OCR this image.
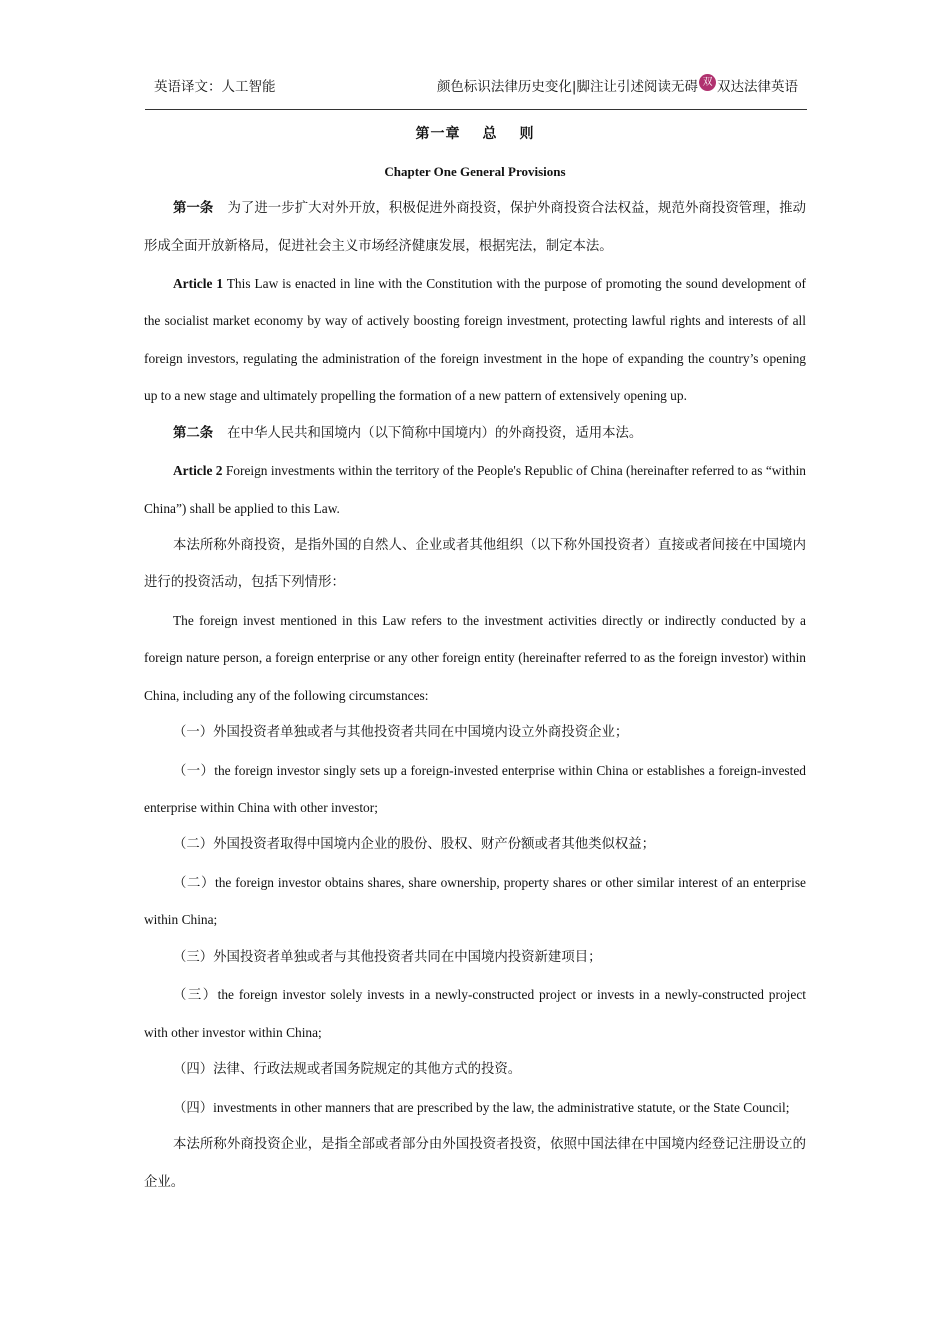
英语译文：人工智能	颜色标识法律历史变化|脚注让引述阅读无碍 双 双达法律英语
第一章 总 则
Chapter One General Provisions

第一条 为了进一步扩大对外开放，积极促进外商投资，保护外商投资合法权益，规范外商投资管理，推动形成全面开放新格局，促进社会主义市场经济健康发展，根据宪法，制定本法。

Article 1 This Law is enacted in line with the Constitution with the purpose of promoting the sound development of the socialist market economy by way of actively boosting foreign investment, protecting lawful rights and interests of all foreign investors, regulating the administration of the foreign investment in the hope of expanding the country’s opening up to a new stage and ultimately propelling the formation of a new pattern of extensively opening up.

第二条 在中华人民共和国境内（以下简称中国境内）的外商投资，适用本法。

Article 2 Foreign investments within the territory of the People's Republic of China (hereinafter referred to as “within China”) shall be applied to this Law.

本法所称外商投资，是指外国的自然人、企业或者其他组织（以下称外国投资者）直接或者间接在中国境内进行的投资活动，包括下列情形：

The foreign invest mentioned in this Law refers to the investment activities directly or indirectly conducted by a foreign nature person, a foreign enterprise or any other foreign entity (hereinafter referred to as the foreign investor) within China, including any of the following circumstances:

（一）外国投资者单独或者与其他投资者共同在中国境内设立外商投资企业；

（一）the foreign investor singly sets up a foreign-invested enterprise within China or establishes a foreign-invested enterprise within China with other investor;

（二）外国投资者取得中国境内企业的股份、股权、财产份额或者其他类似权益；

（二）the foreign investor obtains shares, share ownership, property shares or other similar interest of an enterprise within China;

（三）外国投资者单独或者与其他投资者共同在中国境内投资新建项目；

（三）the foreign investor solely invests in a newly-constructed project or invests in a newly-constructed project with other investor within China;

（四）法律、行政法规或者国务院规定的其他方式的投资。

（四）investments in other manners that are prescribed by the law, the administrative statute, or the State Council;

本法所称外商投资企业，是指全部或者部分由外国投资者投资，依照中国法律在中国境内经登记注册设立的企业。
